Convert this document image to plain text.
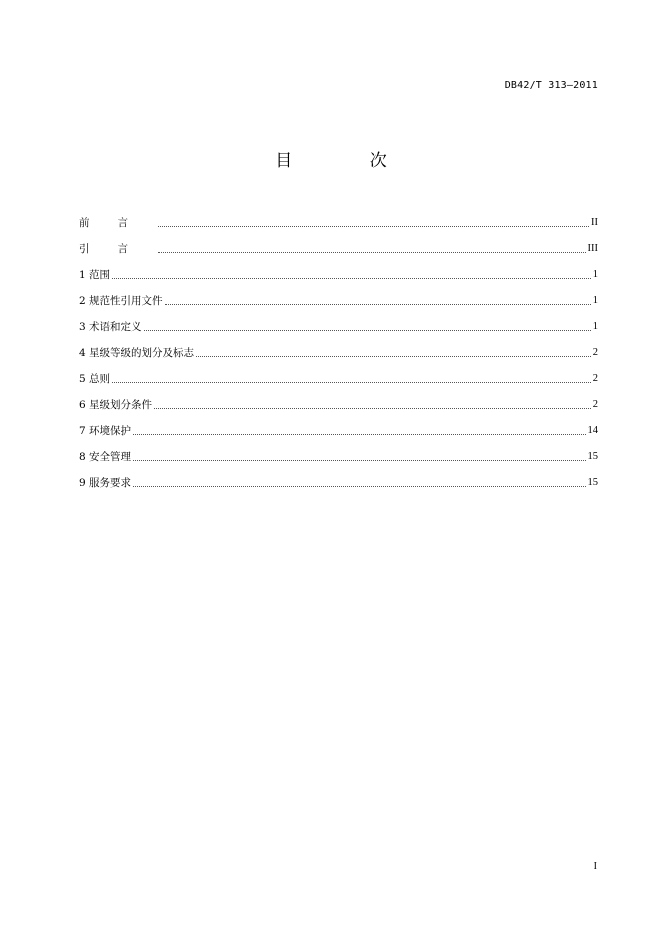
DB42/T 313—2011
目 次
前言	II
引言	III
1 范围	1
2 规范性引用文件	1
3 术语和定义	1
4 星级等级的划分及标志	2
5 总则	2
6 星级划分条件	2
7 环境保护	14
8 安全管理	15
9 服务要求	15
I
